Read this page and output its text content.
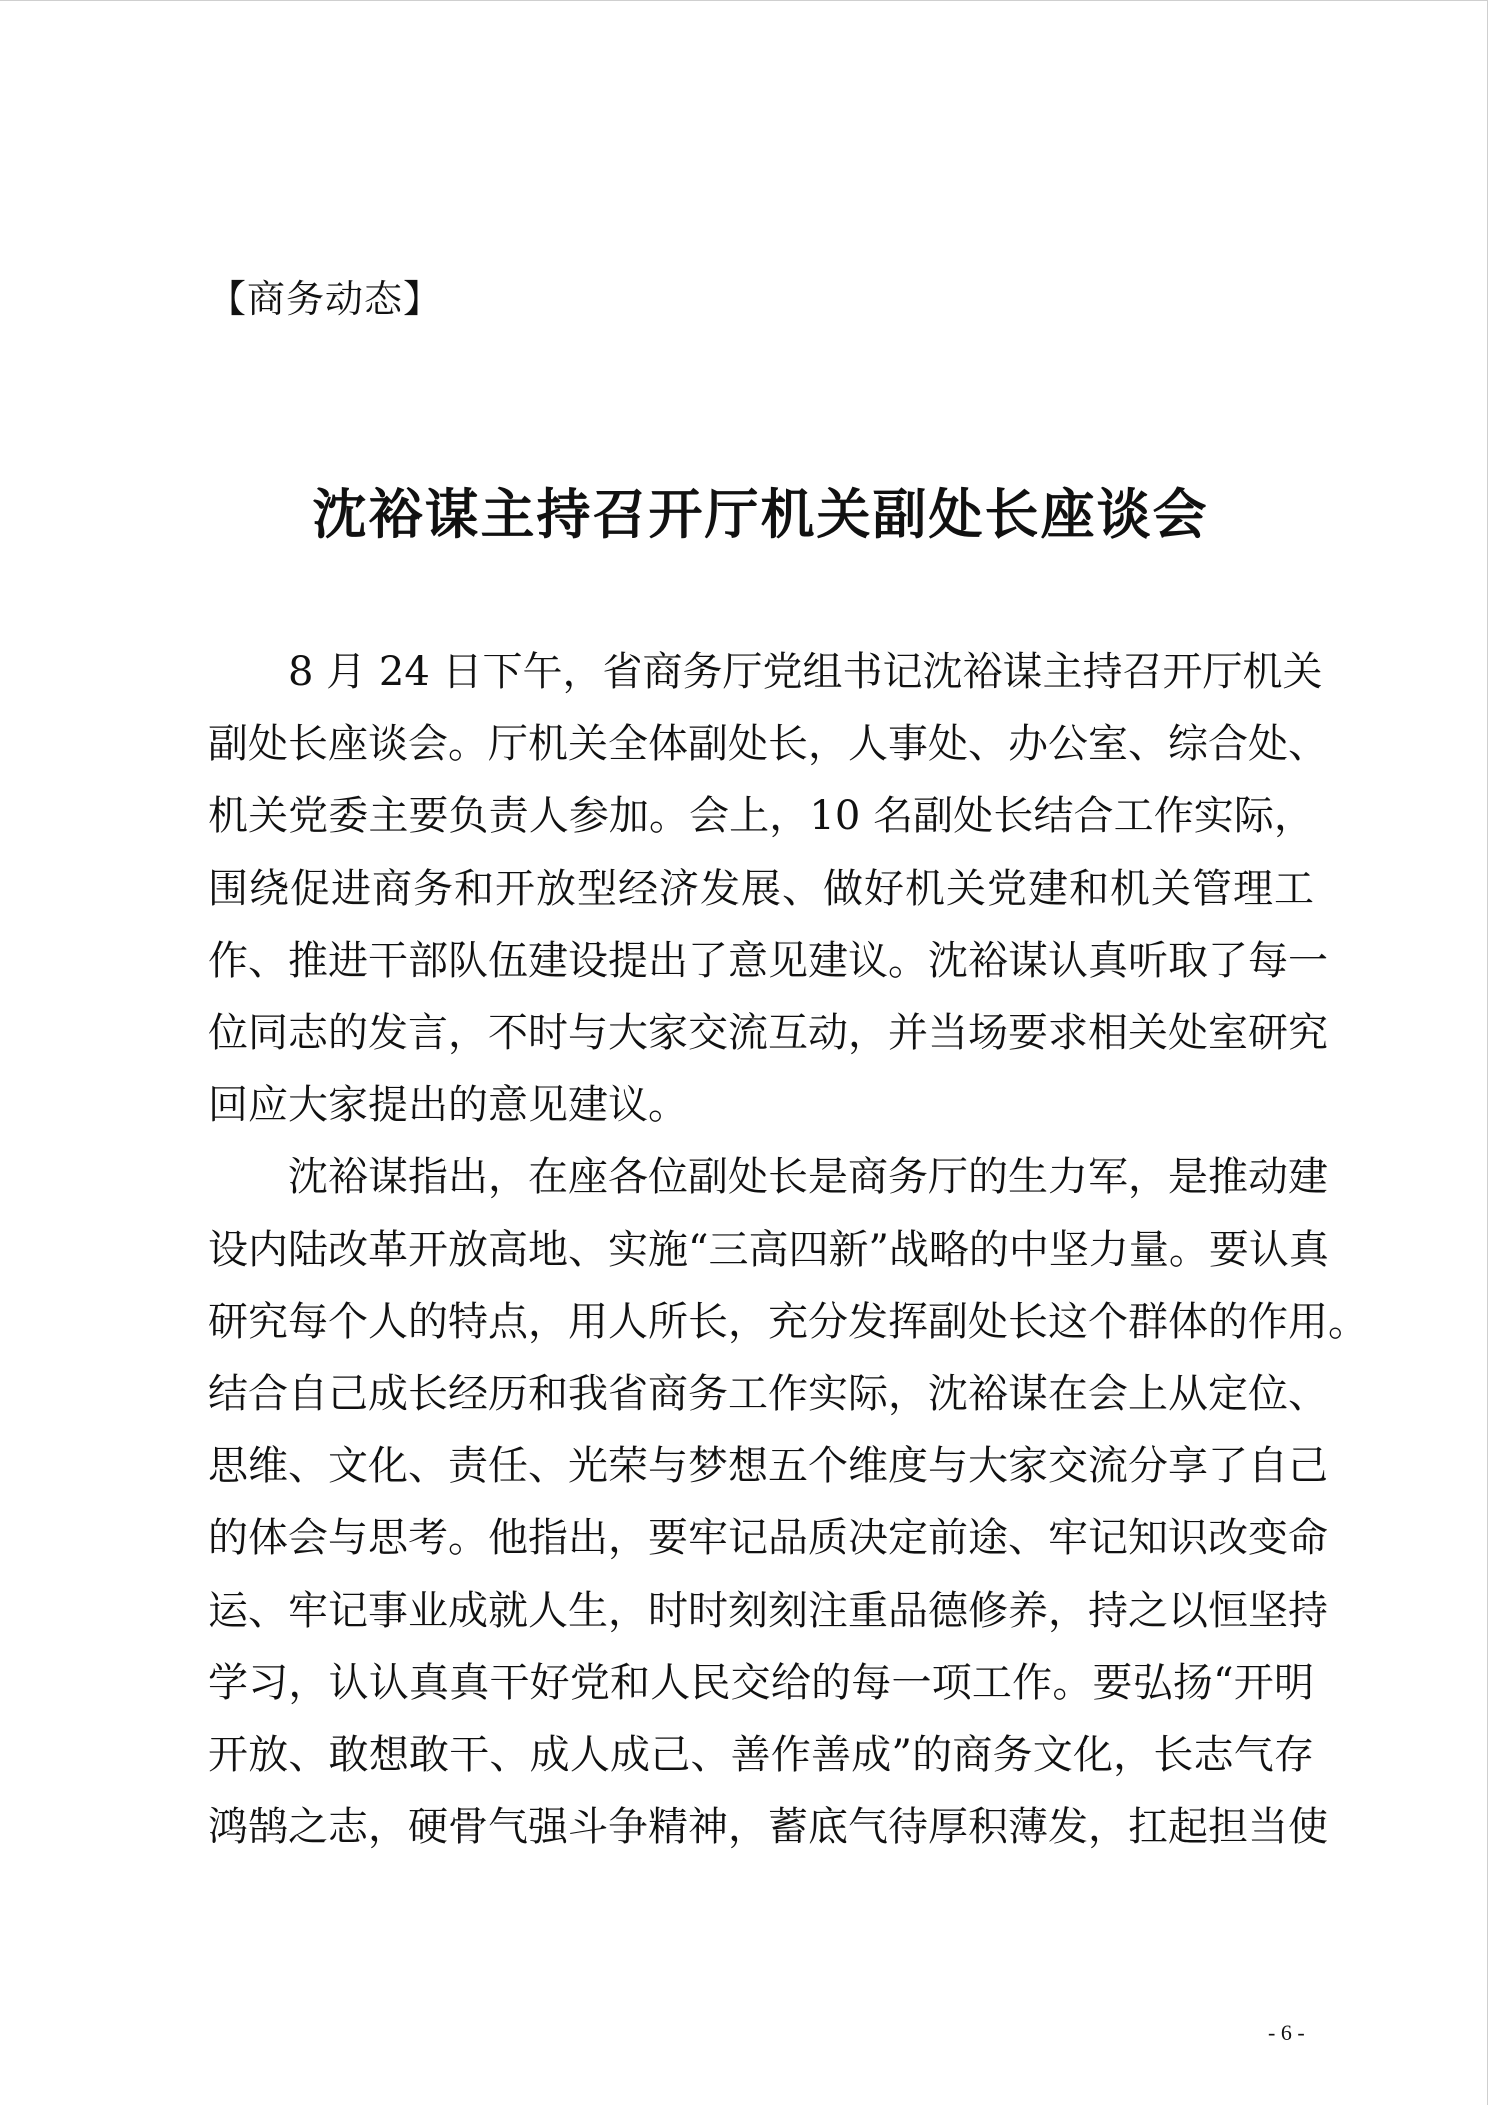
【商务动态】
沈裕谋主持召开厅机关副处长座谈会

8 月 24 日下午，省商务厅党组书记沈裕谋主持召开厅机关

副处长座谈会。厅机关全体副处长，人事处、办公室、综合处、

机关党委主要负责人参加。会上，10 名副处长结合工作实际，

围绕促进商务和开放型经济发展、做好机关党建和机关管理工

作、推进干部队伍建设提出了意见建议。沈裕谋认真听取了每一

位同志的发言，不时与大家交流互动，并当场要求相关处室研究

回应大家提出的意见建议。

沈裕谋指出，在座各位副处长是商务厅的生力军，是推动建

设内陆改革开放高地、实施“三高四新”战略的中坚力量。要认真

研究每个人的特点，用人所长，充分发挥副处长这个群体的作用。

结合自己成长经历和我省商务工作实际，沈裕谋在会上从定位、

思维、文化、责任、光荣与梦想五个维度与大家交流分享了自己

的体会与思考。他指出，要牢记品质决定前途、牢记知识改变命

运、牢记事业成就人生，时时刻刻注重品德修养，持之以恒坚持

学习，认认真真干好党和人民交给的每一项工作。要弘扬“开明

开放、敢想敢干、成人成己、善作善成”的商务文化，长志气存

鸿鹄之志，硬骨气强斗争精神，蓄底气待厚积薄发，扛起担当使

- 6 -
